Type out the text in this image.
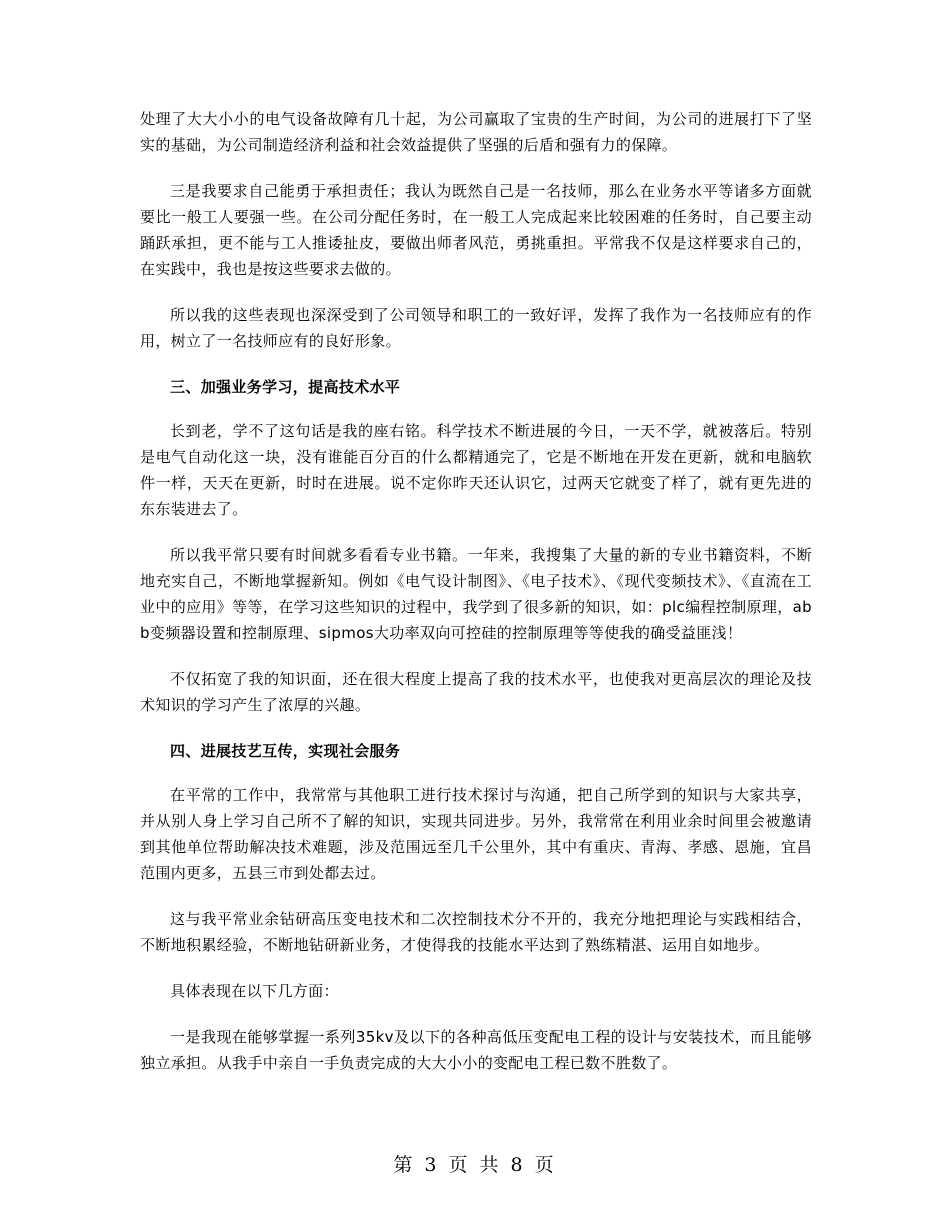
处理了大大小小的电气设备故障有几十起，为公司赢取了宝贵的生产时间，为公司的进展打下了坚实的基础，为公司制造经济利益和社会效益提供了坚强的后盾和强有力的保障。

三是我要求自己能勇于承担责任；我认为既然自己是一名技师，那么在业务水平等诸多方面就要比一般工人要强一些。在公司分配任务时，在一般工人完成起来比较困难的任务时，自己要主动踊跃承担，更不能与工人推诿扯皮，要做出师者风范，勇挑重担。平常我不仅是这样要求自己的，在实践中，我也是按这些要求去做的。

所以我的这些表现也深深受到了公司领导和职工的一致好评，发挥了我作为一名技师应有的作用，树立了一名技师应有的良好形象。

三、加强业务学习，提高技术水平

长到老，学不了这句话是我的座右铭。科学技术不断进展的今日，一天不学，就被落后。特别是电气自动化这一块，没有谁能百分百的什么都精通完了，它是不断地在开发在更新，就和电脑软件一样，天天在更新，时时在进展。说不定你昨天还认识它，过两天它就变了样了，就有更先进的东东装进去了。

所以我平常只要有时间就多看看专业书籍。一年来，我搜集了大量的新的专业书籍资料，不断地充实自己，不断地掌握新知。例如《电气设计制图》、《电子技术》、《现代变频技术》、《直流在工业中的应用》等等，在学习这些知识的过程中，我学到了很多新的知识，如：plc编程控制原理，abb变频器设置和控制原理、sipmos大功率双向可控硅的控制原理等等使我的确受益匪浅！

不仅拓宽了我的知识面，还在很大程度上提高了我的技术水平，也使我对更高层次的理论及技术知识的学习产生了浓厚的兴趣。

四、进展技艺互传，实现社会服务

在平常的工作中，我常常与其他职工进行技术探讨与沟通，把自己所学到的知识与大家共享，并从别人身上学习自己所不了解的知识，实现共同进步。另外，我常常在利用业余时间里会被邀请到其他单位帮助解决技术难题，涉及范围远至几千公里外，其中有重庆、青海、孝感、恩施，宜昌范围内更多，五县三市到处都去过。

这与我平常业余钻研高压变电技术和二次控制技术分不开的，我充分地把理论与实践相结合，不断地积累经验，不断地钻研新业务，才使得我的技能水平达到了熟练精湛、运用自如地步。

具体表现在以下几方面：

一是我现在能够掌握一系列35kv及以下的各种高低压变配电工程的设计与安装技术，而且能够独立承担。从我手中亲自一手负责完成的大大小小的变配电工程已数不胜数了。

第 3 页 共 8 页
